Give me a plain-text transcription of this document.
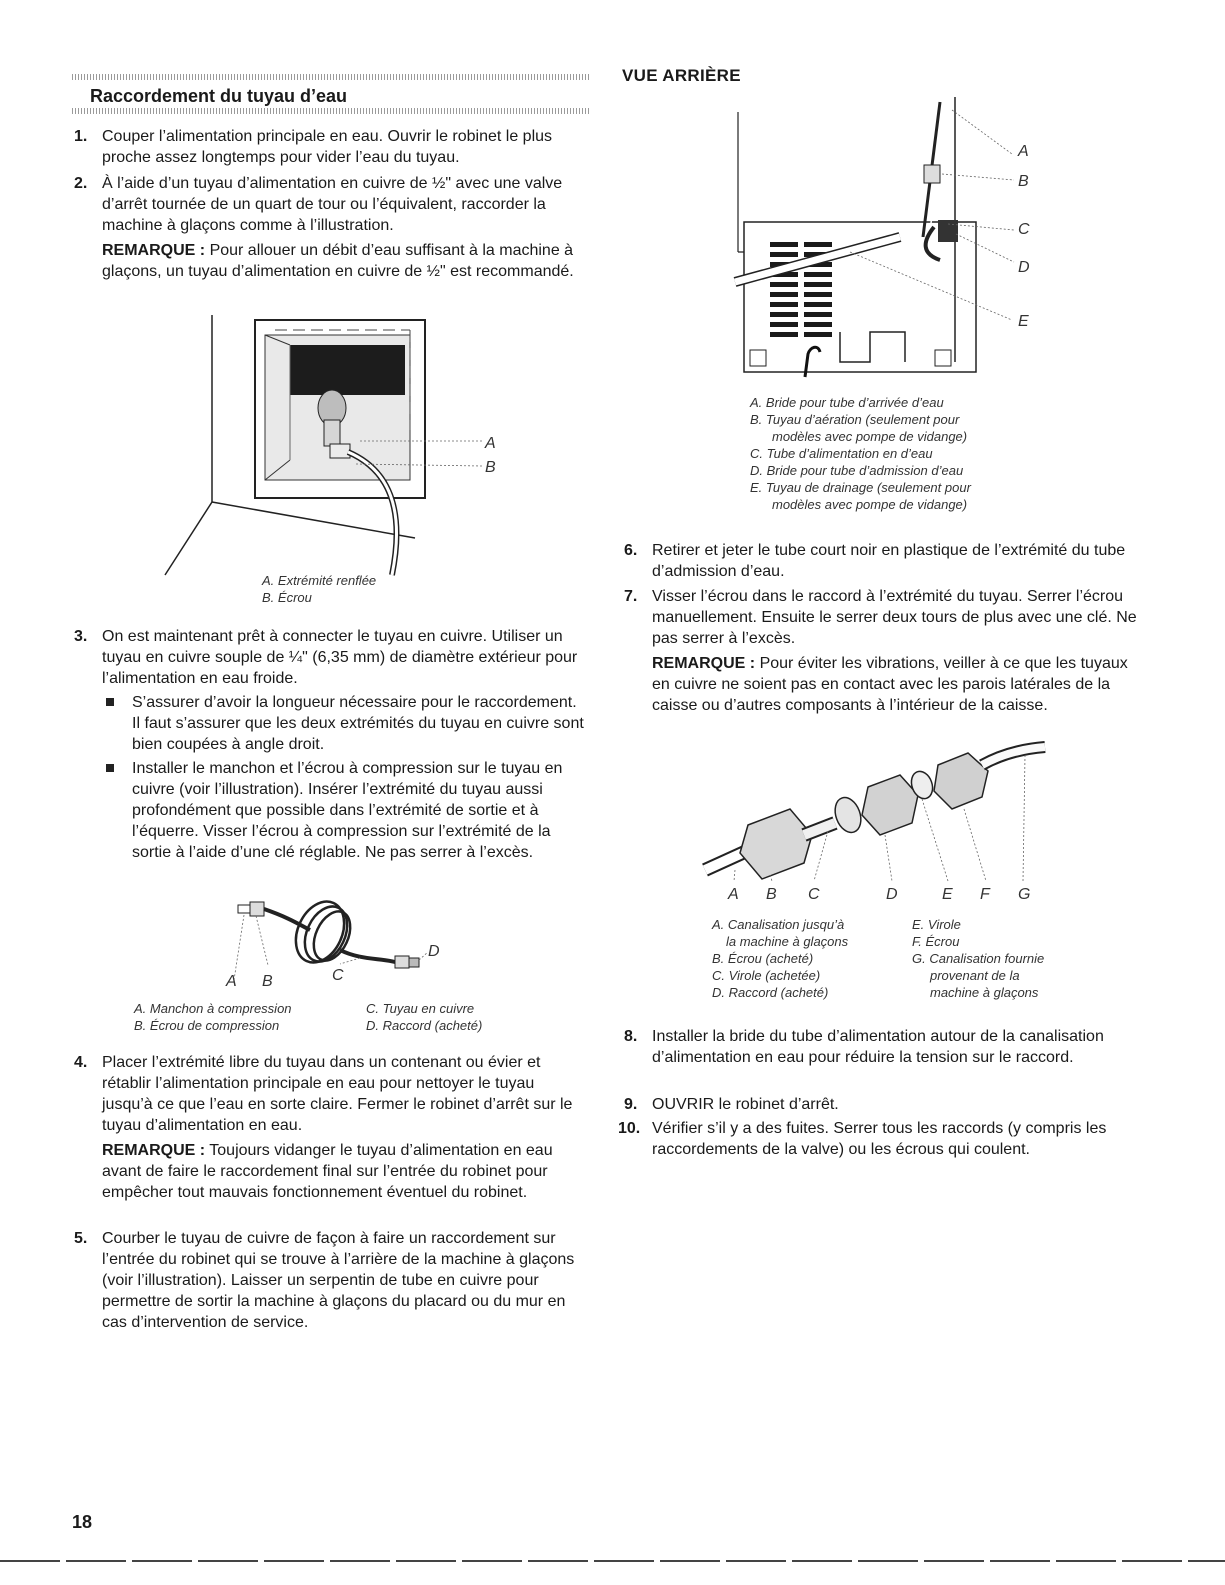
Raccordement du tuyau d’eau
VUE ARRIÈRE
1. Couper l’alimentation principale en eau. Ouvrir le robinet le plus proche assez longtemps pour vider l’eau du tuyau.

2. À l’aide d’un tuyau d’alimentation en cuivre de ½" avec une valve d’arrêt tournée de un quart de tour ou l’équivalent, raccorder la machine à glaçons comme à l’illustration.

REMARQUE : Pour allouer un débit d’eau suffisant à la machine à glaçons, un tuyau d’alimentation en cuivre de ½" est recommandé.

A
B
A. Extrémité renflée
B. Écrou
3. On est maintenant prêt à connecter le tuyau en cuivre. Utiliser un tuyau en cuivre souple de ¼" (6,35 mm) de diamètre extérieur pour l’alimentation en eau froide.

S’assurer d’avoir la longueur nécessaire pour le raccordement. Il faut s’assurer que les deux extrémités du tuyau en cuivre sont bien coupées à angle droit.
Installer le manchon et l’écrou à compression sur le tuyau en cuivre (voir l’illustration). Insérer l’extrémité du tuyau aussi profondément que possible dans l’extrémité de sortie et à l’équerre. Visser l’écrou à compression sur l’extrémité de la sortie à l’aide d’une clé réglable. Ne pas serrer à l’excès.
A B	C
D
A. Manchon à compression
B. Écrou de compression
C. Tuyau en cuivre
D. Raccord (acheté)
4. Placer l’extrémité libre du tuyau dans un contenant ou évier et rétablir l’alimentation principale en eau pour nettoyer le tuyau jusqu’à ce que l’eau en sorte claire. Fermer le robinet d’arrêt sur le tuyau d’alimentation en eau.

REMARQUE : Toujours vidanger le tuyau d’alimentation en eau avant de faire le raccordement final sur l’entrée du robinet pour empêcher tout mauvais fonctionnement éventuel du robinet.

5. Courber le tuyau de cuivre de façon à faire un raccordement sur l’entrée du robinet qui se trouve à l’arrière de la machine à glaçons (voir l’illustration). Laisser un serpentin de tube en cuivre pour permettre de sortir la machine à glaçons du placard ou du mur en cas d’intervention de service.

A
B
C
D
E
A. Bride pour tube d’arrivée d’eau
B. Tuyau d’aération (seulement pour

modèles avec pompe de vidange)
C. Tube d’alimentation en d’eau
D. Bride pour tube d’admission d’eau
E. Tuyau de drainage (seulement pour

modèles avec pompe de vidange)
6. Retirer et jeter le tube court noir en plastique de l’extrémité du tube d’admission d’eau.

7. Visser l’écrou dans le raccord à l’extrémité du tuyau. Serrer l’écrou manuellement. Ensuite le serrer deux tours de plus avec une clé. Ne pas serrer à l’excès.

REMARQUE : Pour éviter les vibrations, veiller à ce que les tuyaux en cuivre ne soient pas en contact avec les parois latérales de la caisse ou d’autres composants à l’intérieur de la caisse.

A B C	D	E F G
A. Canalisation jusqu’à

la machine à glaçons
B. Écrou (acheté)
C. Virole (achetée)
D. Raccord (acheté)
E. Virole
F. Écrou
G. Canalisation fournie

provenant de la
machine à glaçons
8. Installer la bride du tube d’alimentation autour de la canalisation d’alimentation en eau pour réduire la tension sur le raccord.

9. OUVRIR le robinet d’arrêt.

10. Vérifier s’il y a des fuites. Serrer tous les raccords (y compris les raccordements de la valve) ou les écrous qui coulent.

18
